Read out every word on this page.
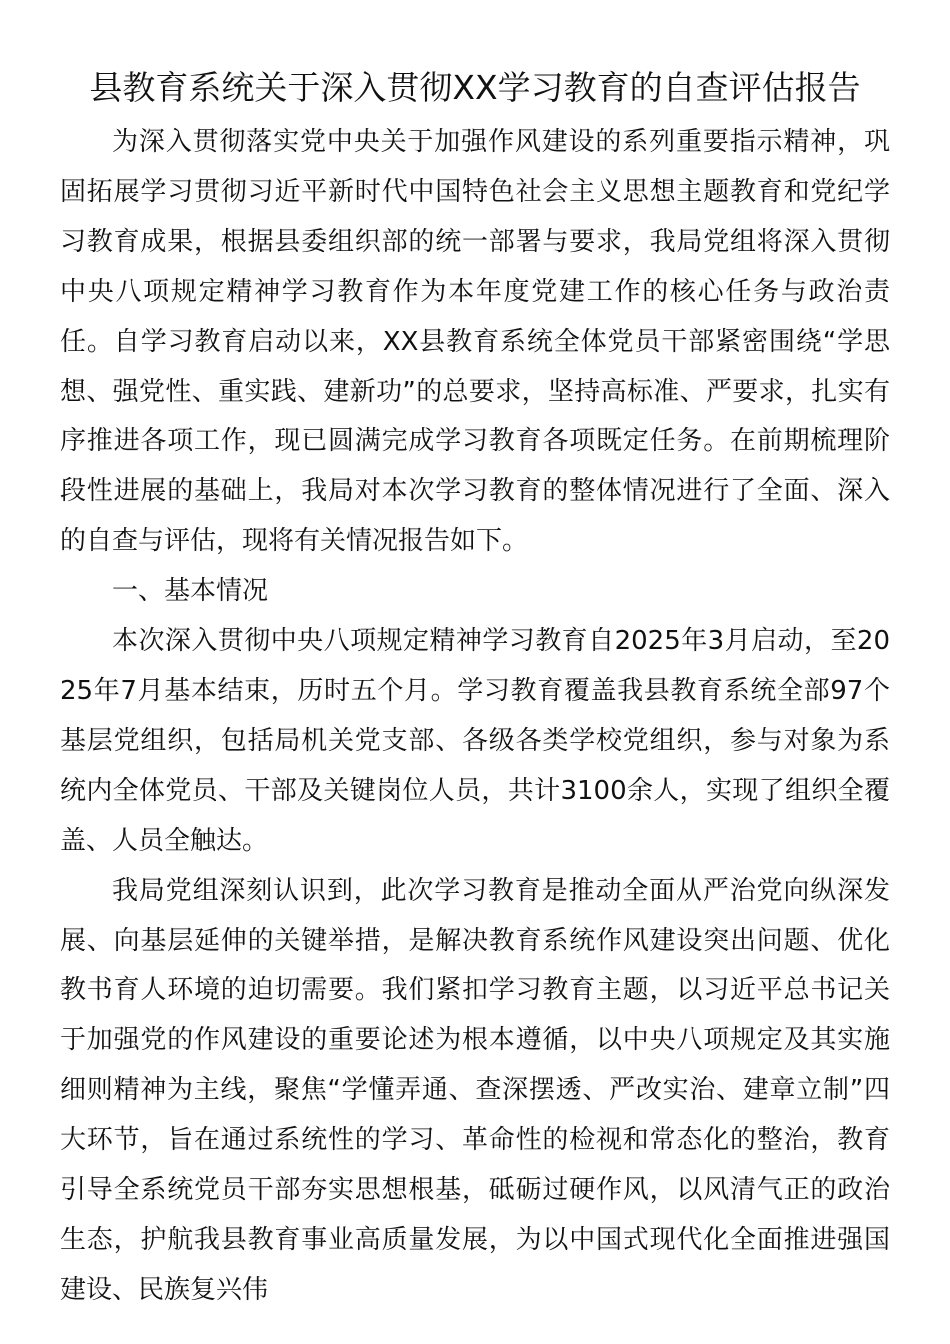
县教育系统关于深入贯彻XX学习教育的自查评估报告

为深入贯彻落实党中央关于加强作风建设的系列重要指示精神，巩固拓展学习贯彻习近平新时代中国特色社会主义思想主题教育和党纪学习教育成果，根据县委组织部的统一部署与要求，我局党组将深入贯彻中央八项规定精神学习教育作为本年度党建工作的核心任务与政治责任。自学习教育启动以来，XX县教育系统全体党员干部紧密围绕“学思想、强党性、重实践、建新功”的总要求，坚持高标准、严要求，扎实有序推进各项工作，现已圆满完成学习教育各项既定任务。在前期梳理阶段性进展的基础上，我局对本次学习教育的整体情况进行了全面、深入的自查与评估，现将有关情况报告如下。

一、基本情况

本次深入贯彻中央八项规定精神学习教育自2025年3月启动，至2025年7月基本结束，历时五个月。学习教育覆盖我县教育系统全部97个基层党组织，包括局机关党支部、各级各类学校党组织，参与对象为系统内全体党员、干部及关键岗位人员，共计3100余人，实现了组织全覆盖、人员全触达。

我局党组深刻认识到，此次学习教育是推动全面从严治党向纵深发展、向基层延伸的关键举措，是解决教育系统作风建设突出问题、优化教书育人环境的迫切需要。我们紧扣学习教育主题，以习近平总书记关于加强党的作风建设的重要论述为根本遵循，以中央八项规定及其实施细则精神为主线，聚焦“学懂弄通、查深摆透、严改实治、建章立制”四大环节，旨在通过系统性的学习、革命性的检视和常态化的整治，教育引导全系统党员干部夯实思想根基，砥砺过硬作风，以风清气正的政治生态，护航我县教育事业高质量发展，为以中国式现代化全面推进强国建设、民族复兴伟
